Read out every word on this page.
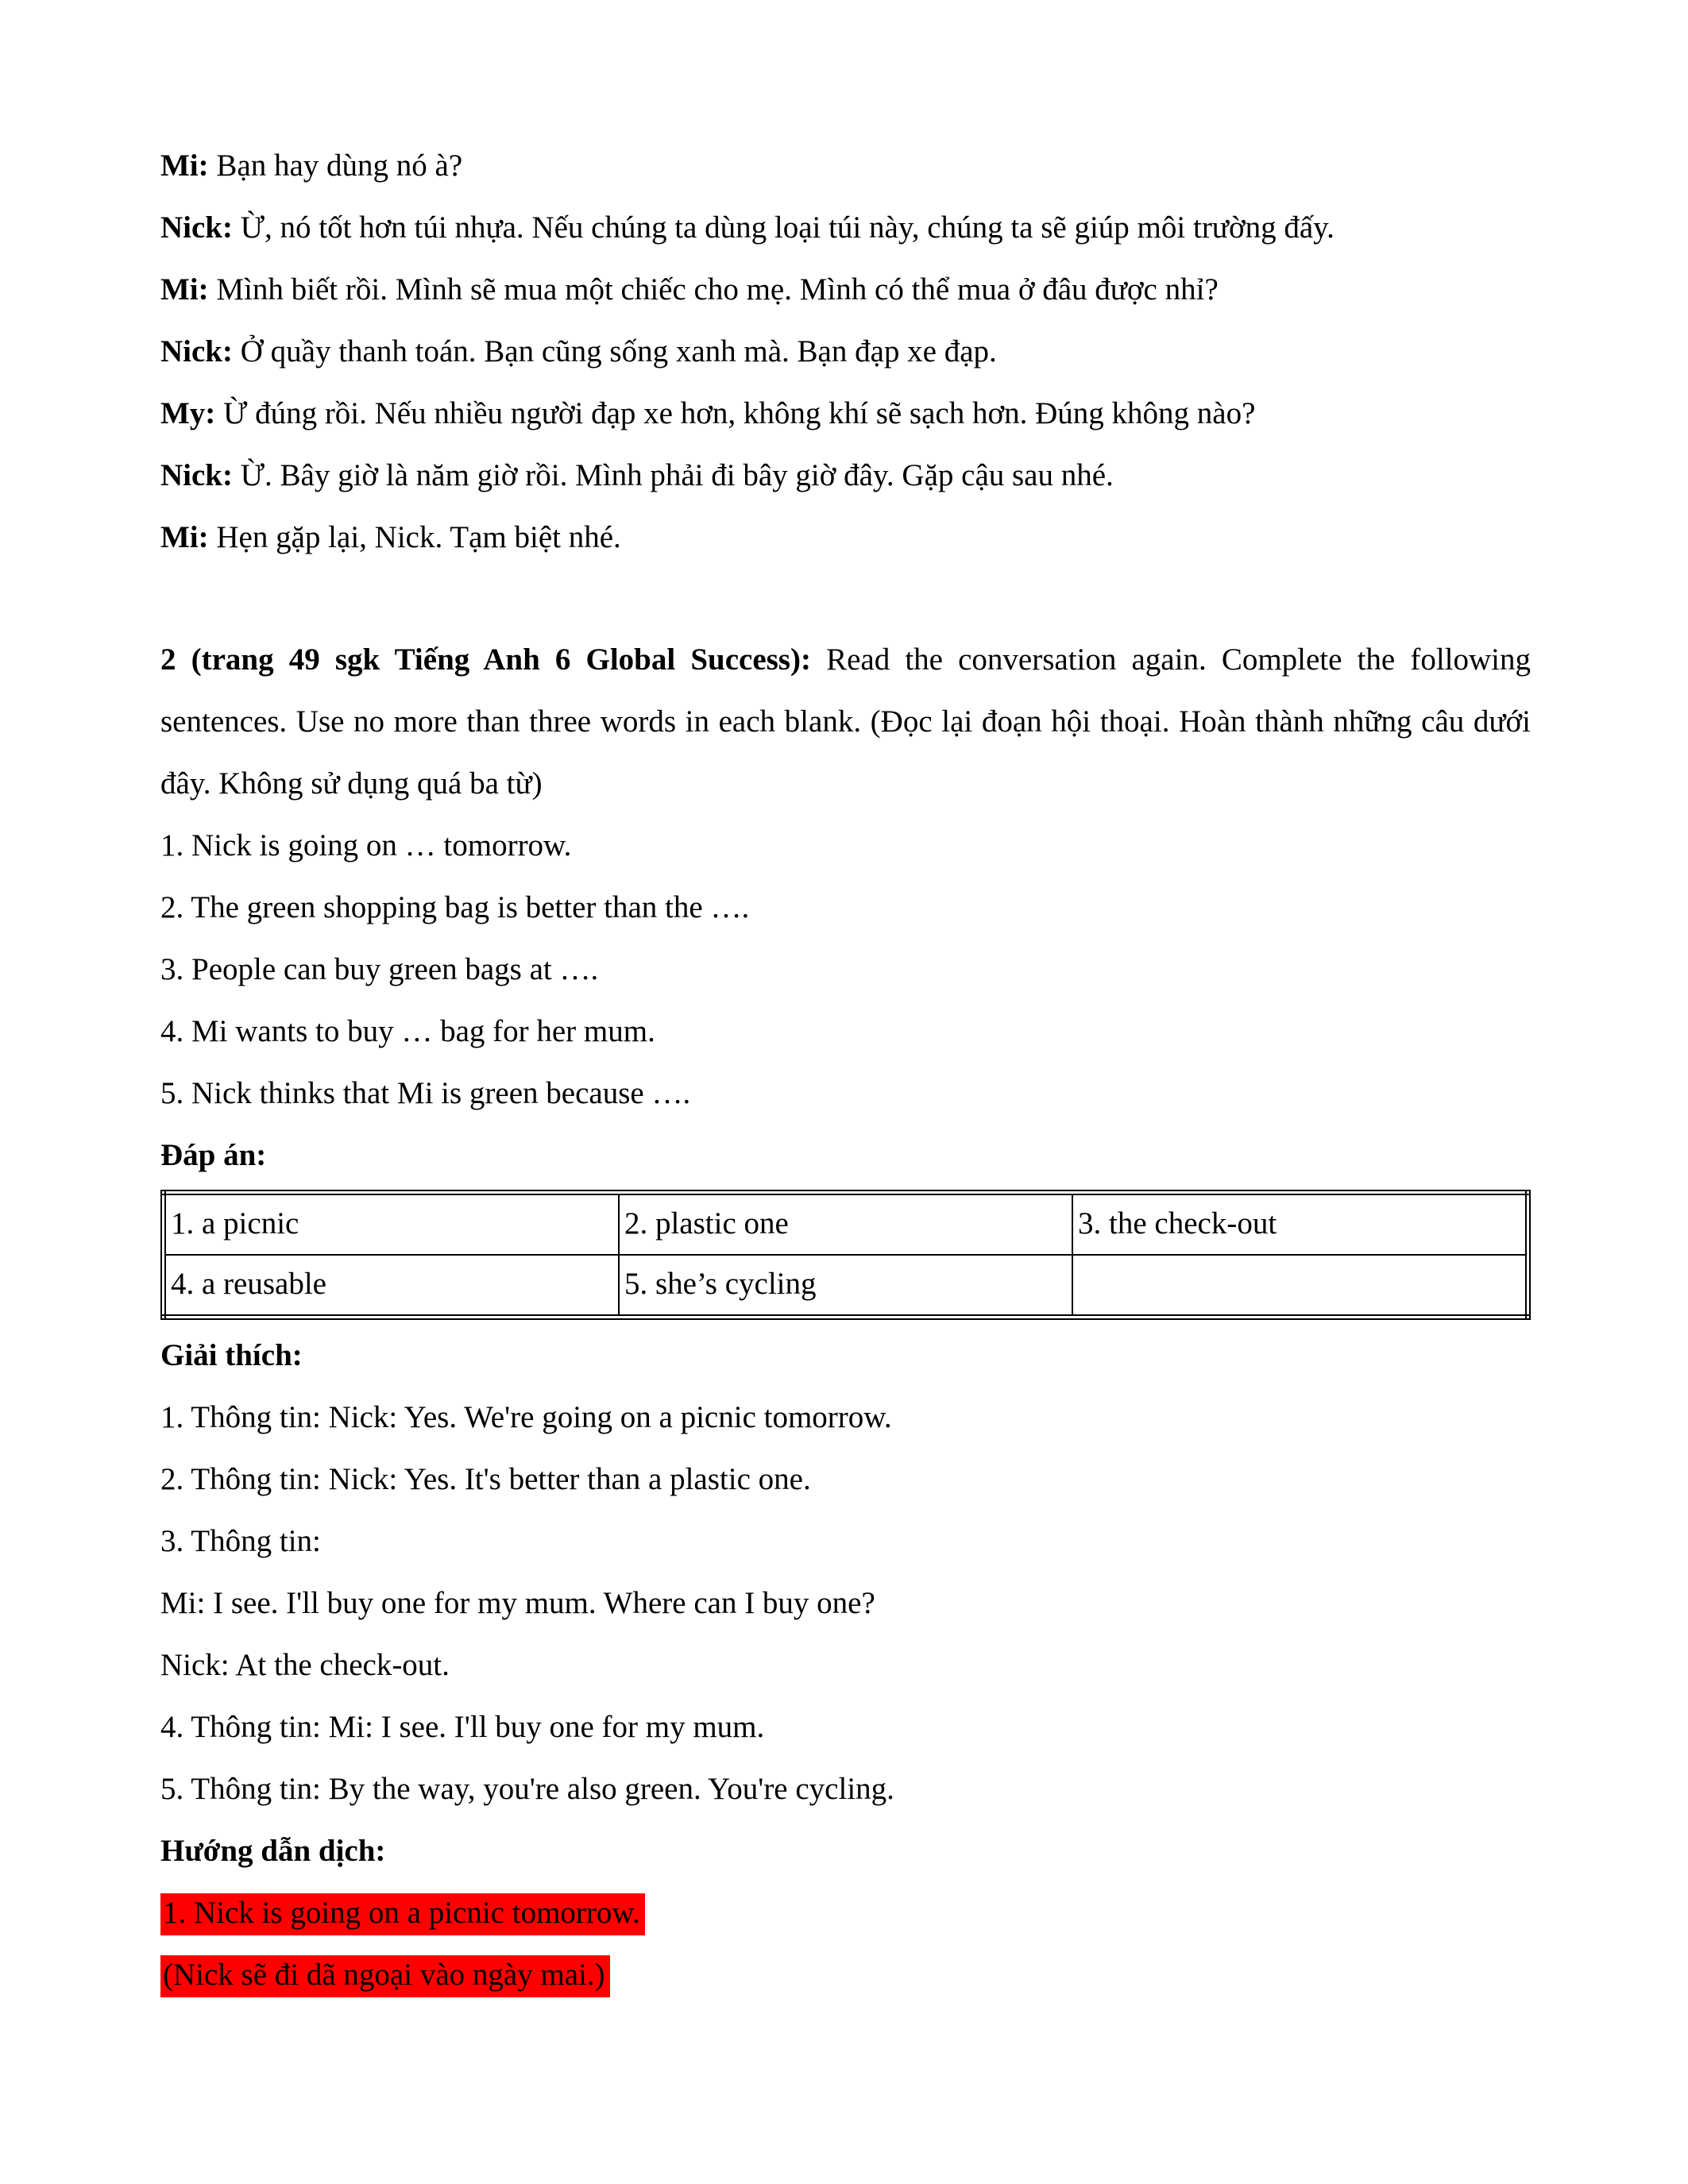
Mi: Bạn hay dùng nó à?

Nick: Ừ, nó tốt hơn túi nhựa. Nếu chúng ta dùng loại túi này, chúng ta sẽ giúp môi trường đấy.

Mi: Mình biết rồi. Mình sẽ mua một chiếc cho mẹ. Mình có thể mua ở đâu được nhỉ?

Nick: Ở quầy thanh toán. Bạn cũng sống xanh mà. Bạn đạp xe đạp.

My: Ừ đúng rồi. Nếu nhiều người đạp xe hơn, không khí sẽ sạch hơn. Đúng không nào?

Nick: Ừ. Bây giờ là năm giờ rồi. Mình phải đi bây giờ đây. Gặp cậu sau nhé.

Mi: Hẹn gặp lại, Nick. Tạm biệt nhé.

2 (trang 49 sgk Tiếng Anh 6 Global Success): Read the conversation again. Complete the following sentences. Use no more than three words in each blank. (Đọc lại đoạn hội thoại. Hoàn thành những câu dưới đây. Không sử dụng quá ba từ)

1. Nick is going on … tomorrow.

2. The green shopping bag is better than the ….

3. People can buy green bags at ….

4. Mi wants to buy … bag for her mum.

5. Nick thinks that Mi is green because ….

Đáp án:

1. a picnic	2. plastic one	3. the check-out
4. a reusable	5. she’s cycling	

Giải thích:

1. Thông tin: Nick: Yes. We're going on a picnic tomorrow.

2. Thông tin: Nick: Yes. It's better than a plastic one.

3. Thông tin:

Mi: I see. I'll buy one for my mum. Where can I buy one?

Nick: At the check-out.

4. Thông tin: Mi: I see. I'll buy one for my mum.

5. Thông tin: By the way, you're also green. You're cycling.

Hướng dẫn dịch:

1. Nick is going on a picnic tomorrow.

(Nick sẽ đi dã ngoại vào ngày mai.)
